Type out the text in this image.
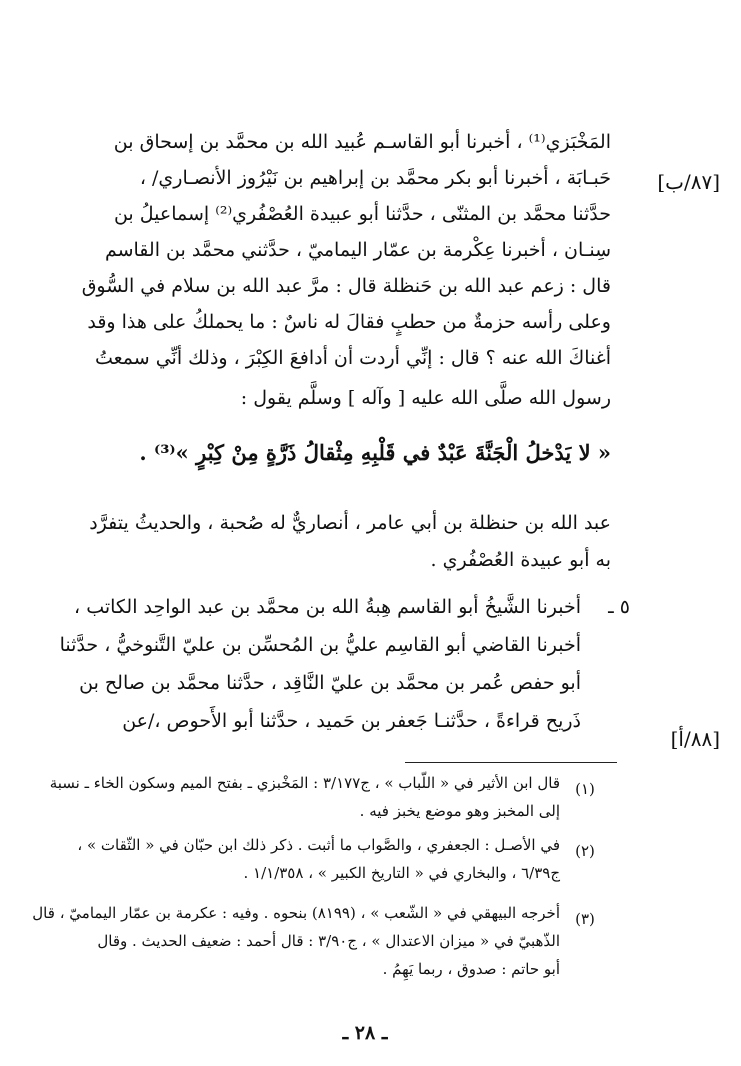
المَخْبَزي⁽¹⁾ ، أخبرنا أبو القاسـم عُبيد الله بن محمَّد بن إسحاق بن
حَبـابَة ، أخبرنا أبو بكر محمَّد بن إبراهيم بن نَيْرُوز الأنصـاري/ ،
حدَّثنا محمَّد بن المثنّى ، حدَّثنا أبو عبيدة العُصْفُري⁽²⁾ إسماعيلُ بن
سِنـان ، أخبرنا عِكْرمة بن عمّار اليماميّ ، حدَّثني محمَّد بن القاسم
قال : زعم عبد الله بن حَنظلة قال : مرَّ عبد الله بن سلام في السُّوق
وعلى رأسه حزمةٌ من حطبٍ فقالَ له ناسٌ : ما يحملكُ على هذا وقد
أغناكَ الله عنه ؟ قال : إنِّي أردت أن أدافعَ الكِبْرَ ، وذلك أنِّي سمعتُ
رسول الله صلَّى الله عليه [ وآله ] وسلَّم يقول :
« لا يَدْخلُ الْجَنَّةَ عَبْدٌ في قَلْبِهِ مِثْقالُ ذَرَّةٍ مِنْ كِبْرٍ »⁽³⁾ .
عبد الله بن حنظلة بن أبي عامر ، أنصاريٌّ له صُحبة ، والحديثُ يتفرَّد
به أبو عبيدة العُصْفُري .
٥ ـ
أخبرنا الشَّيخُ أبو القاسم هِبةُ الله بن محمَّد بن عبد الواحِد الكاتب ،
أخبرنا القاضي أبو القاسِم عليُّ بن المُحسِّن بن عليّ التَّنوخيُّ ، حدَّثنا
أبو حفص عُمر بن محمَّد بن عليّ النَّاقِد ، حدَّثنا محمَّد بن صالح بن
ذَريح قراءةً ، حدَّثنـا جَعفر بن حَميد ، حدَّثنا أبو الأَحوص ،/عن
[٨٧/ب]
[٨٨/أ]
(١)
قال ابن الأثير في « اللّباب » ، ج٣/١٧٧ : المَخْبزي ـ بفتح الميم وسكون الخاء ـ نسبة
إلى المخبز وهو موضع يخبز فيه .
(٢)
في الأصـل : الجعفري ، والصَّواب ما أثبت . ذكر ذلك ابن حبّان في « الثّقات » ،
ج٦/٣٩ ، والبخاري في « التاريخ الكبير » ، ١/١/٣٥٨ .
(٣)
أخرجه البيهقي في « الشّعب » ، (٨١٩٩) بنحوه . وفيه : عكرمة بن عمّار اليماميّ ، قال
الذّهبيّ في « ميزان الاعتدال » ، ج٣/٩٠ : قال أحمد : ضعيف الحديث . وقال
أبو حاتم : صدوق ، ربما يَهِمُ .
ـ ٢٨ ـ
